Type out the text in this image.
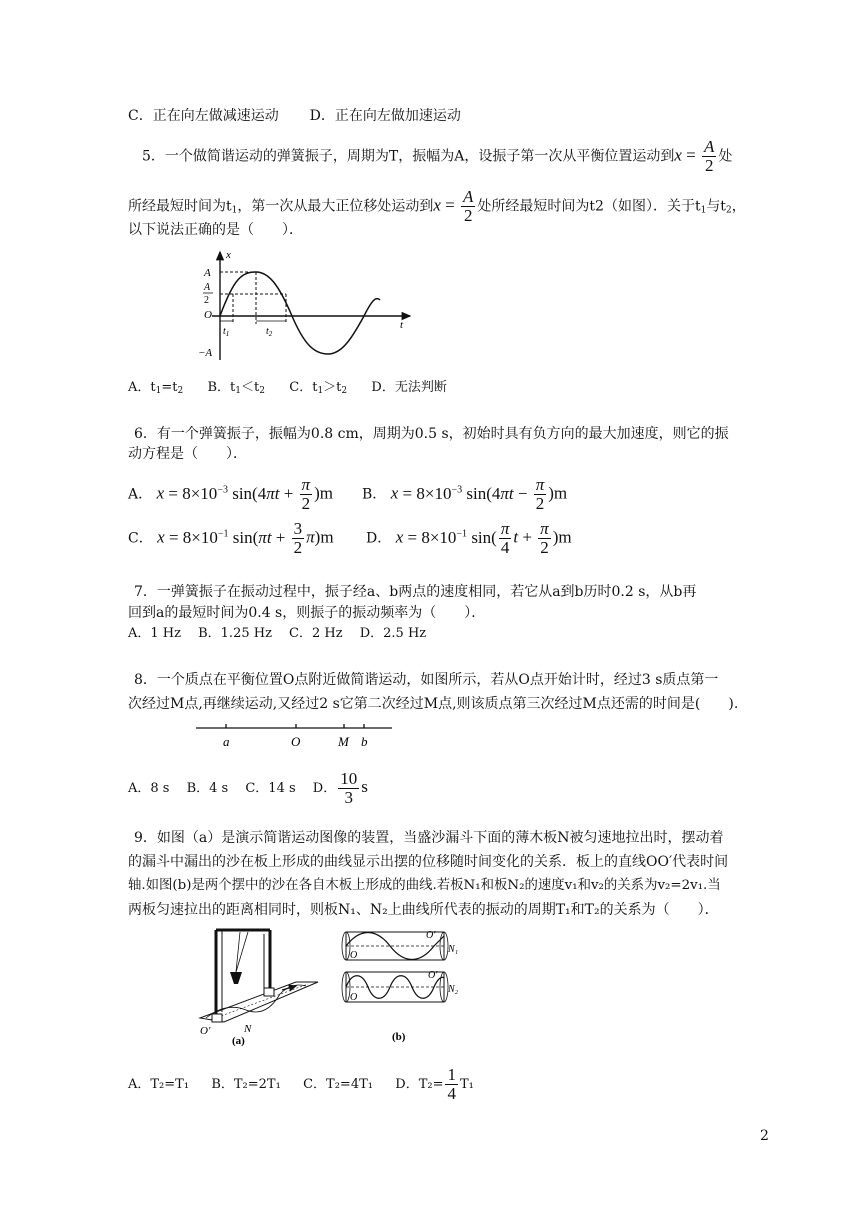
C．正在向左做减速运动 D．正在向左做加速运动
5．一个做简谐运动的弹簧振子，周期为T，振幅为A，设振子第一次从平衡位置运动到$x = \frac{A}{2}$ 处
所经最短时间为$t_1$，第一次从最大正位移处运动到$x = \frac{A}{2}$ 处所经最短时间为t2（如图）．关于$t_1$与$t_2$，
以下说法正确的是（　　）．
x
t
A
A
2
O
−A
$t_1$	$t_2$
A．$t_1=t_2$ B．$t_1<t_2$ C．$t_1>t_2$ D．无法判断
6．有一个弹簧振子，振幅为0.8 cm，周期为0.5 s，初始时具有负方向的最大加速度，则它的振
动方程是（　　）．
A． $x = 8\times 10^{-3}$ $\sin(4\pi t + \frac{\pi}{2} )m$ B． $x = 8\times 10^{-3}$ $\sin(4\pi t - \frac{\pi}{2} )m$
C． $x = 8\times 10^{-1}$ $\sin(\pi t + \frac{3}{2} \pi)m$ D． $x = 8\times 10^{-1}$ $\sin( \frac{\pi}{4}$ $t + \frac{\pi}{2} )m$
7．一弹簧振子在振动过程中，振子经a、b两点的速度相同，若它从a到b历时0.2 s，从b再
回到a的最短时间为0.4 s，则振子的振动频率为（　　）．
A．1 Hz　 B．1.25 Hz　 C．2 Hz　 D．2.5 Hz
8．一个质点在平衡位置O点附近做简谐运动，如图所示，若从O点开始计时，经过3 s质点第一
次经过M点,再继续运动,又经过2 s它第二次经过M点,则该质点第三次经过M点还需的时间是(　　).
a	O	M b
A．8 s　 B．4 s　 C．14 s　 D． $\frac{10}{3}$ s
9．如图（a）是演示简谐运动图像的装置，当盛沙漏斗下面的薄木板N被匀速地拉出时，摆动着
的漏斗中漏出的沙在板上形成的曲线显示出摆的位移随时间变化的关系．板上的直线OO′代表时间
轴.如图(b)是两个摆中的沙在各自木板上形成的曲线.若板N₁和板N₂的速度v₁和v₂的关系为v₂=2v₁.当
两板匀速拉出的距离相同时，则板N₁、N₂上曲线所代表的振动的周期T₁和T₂的关系为（　　）．
O′	N
(a)
O
O′
N₁
O
O′
N₂
(b)
A．T₂=T₁ B．T₂=2T₁ C．T₂=4T₁ D．$T_2= \frac{1}{4} T_1$
2
